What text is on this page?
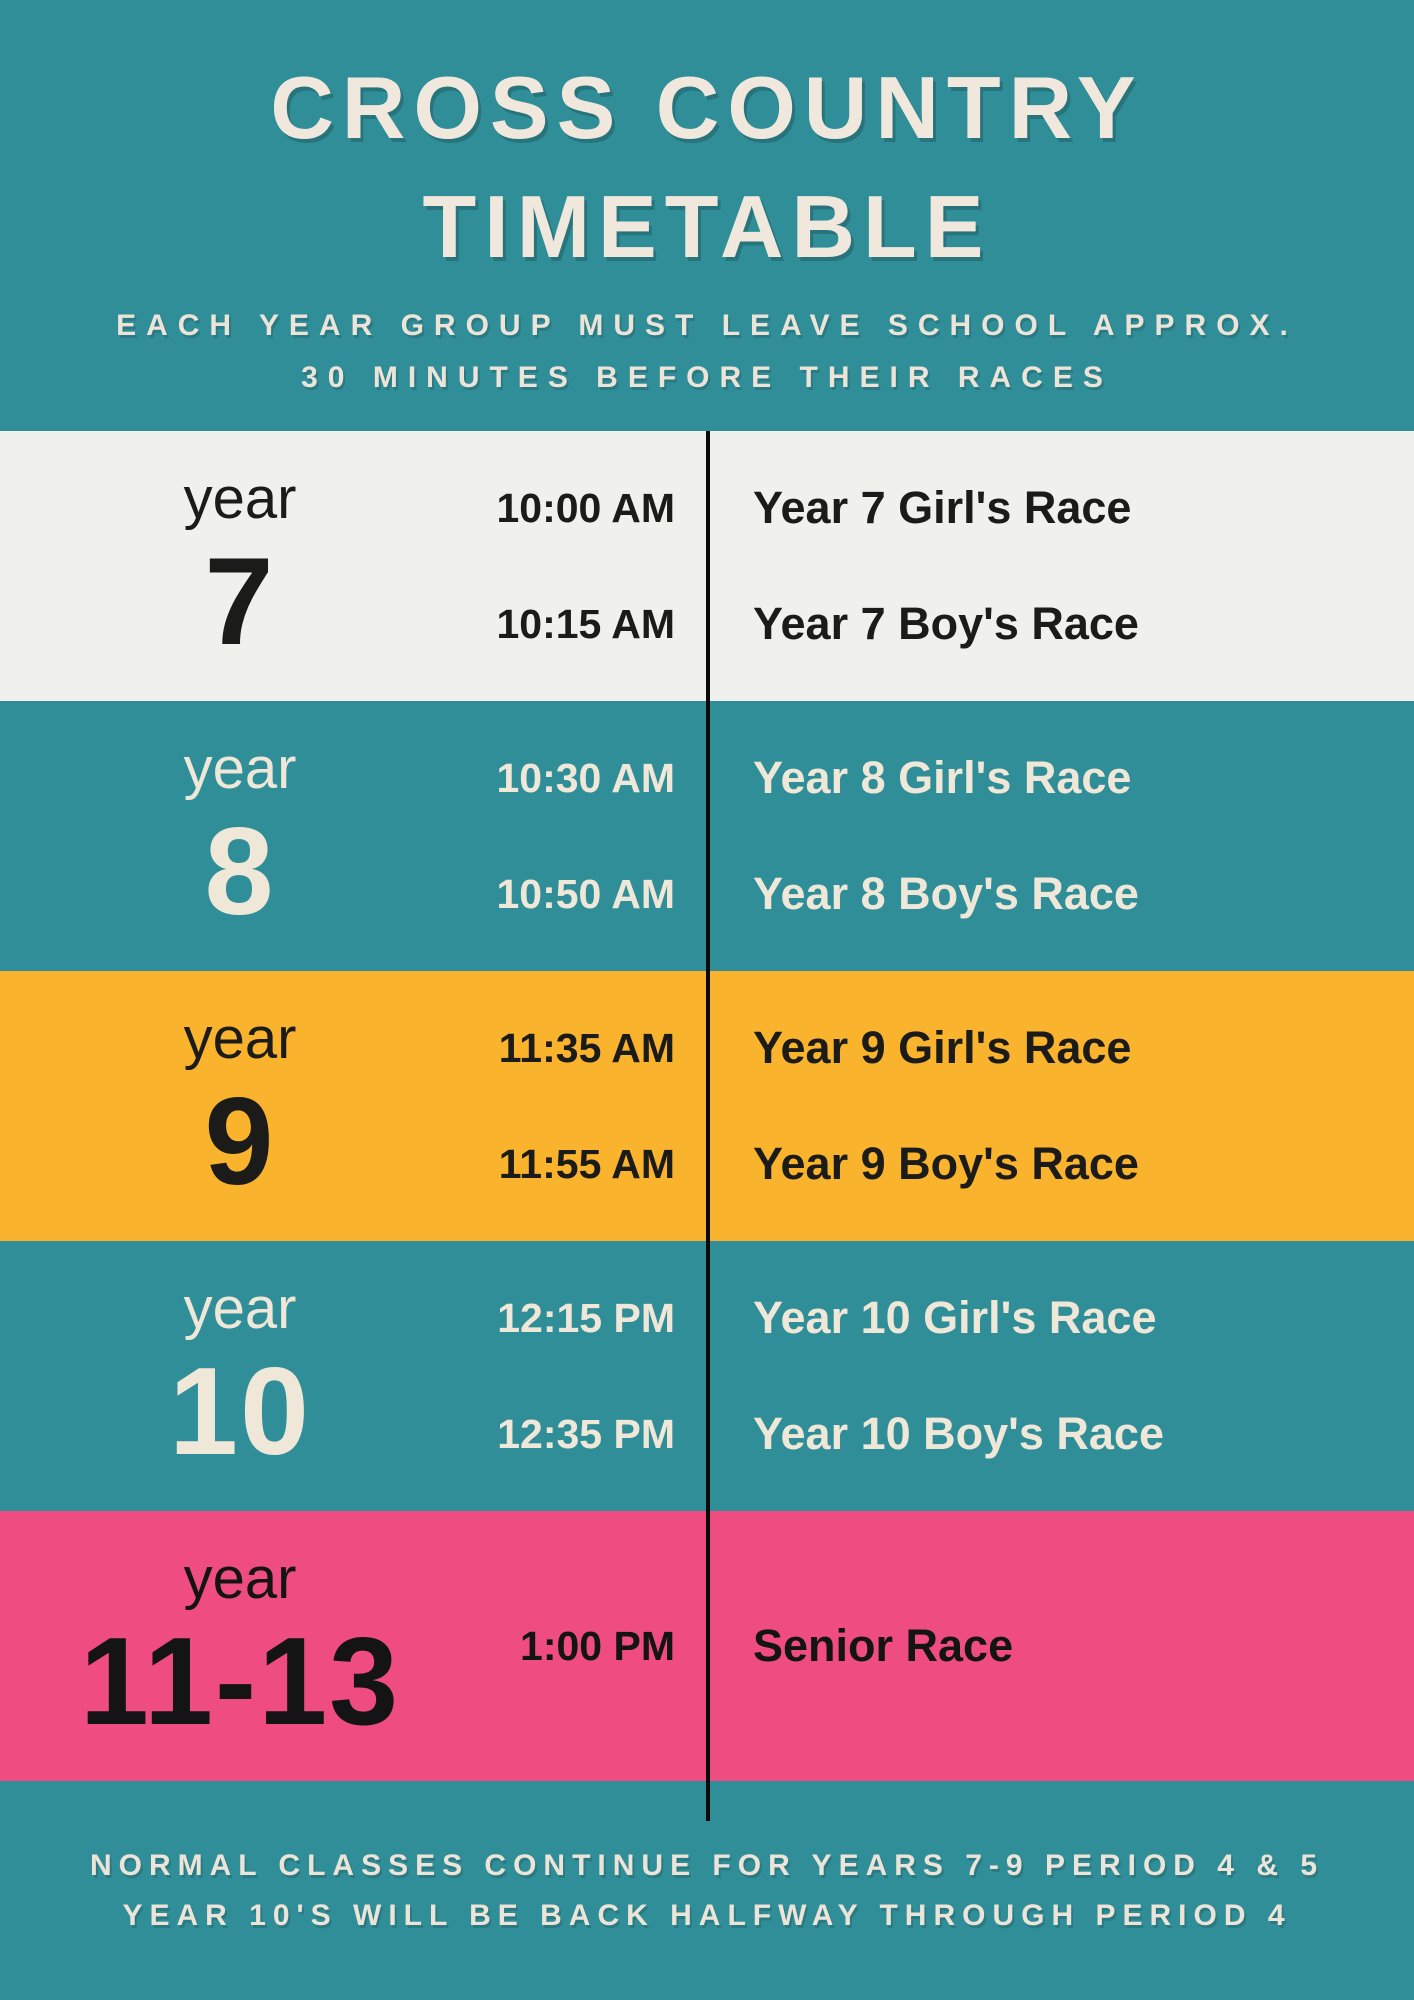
CROSS COUNTRY
TIMETABLE
EACH YEAR GROUP MUST LEAVE SCHOOL APPROX.
30 MINUTES BEFORE THEIR RACES
year
7
10:00 AM Year 7 Girl's Race
10:15 AM Year 7 Boy's Race
year
8
10:30 AM Year 8 Girl's Race
10:50 AM Year 8 Boy's Race
year
9
11:35 AM Year 9 Girl's Race
11:55 AM Year 9 Boy's Race
year
10
12:15 PM Year 10 Girl's Race
12:35 PM Year 10 Boy's Race
year
11-13	1:00 PM Senior Race
NORMAL CLASSES CONTINUE FOR YEARS 7-9 PERIOD 4 & 5
YEAR 10'S WILL BE BACK HALFWAY THROUGH PERIOD 4
